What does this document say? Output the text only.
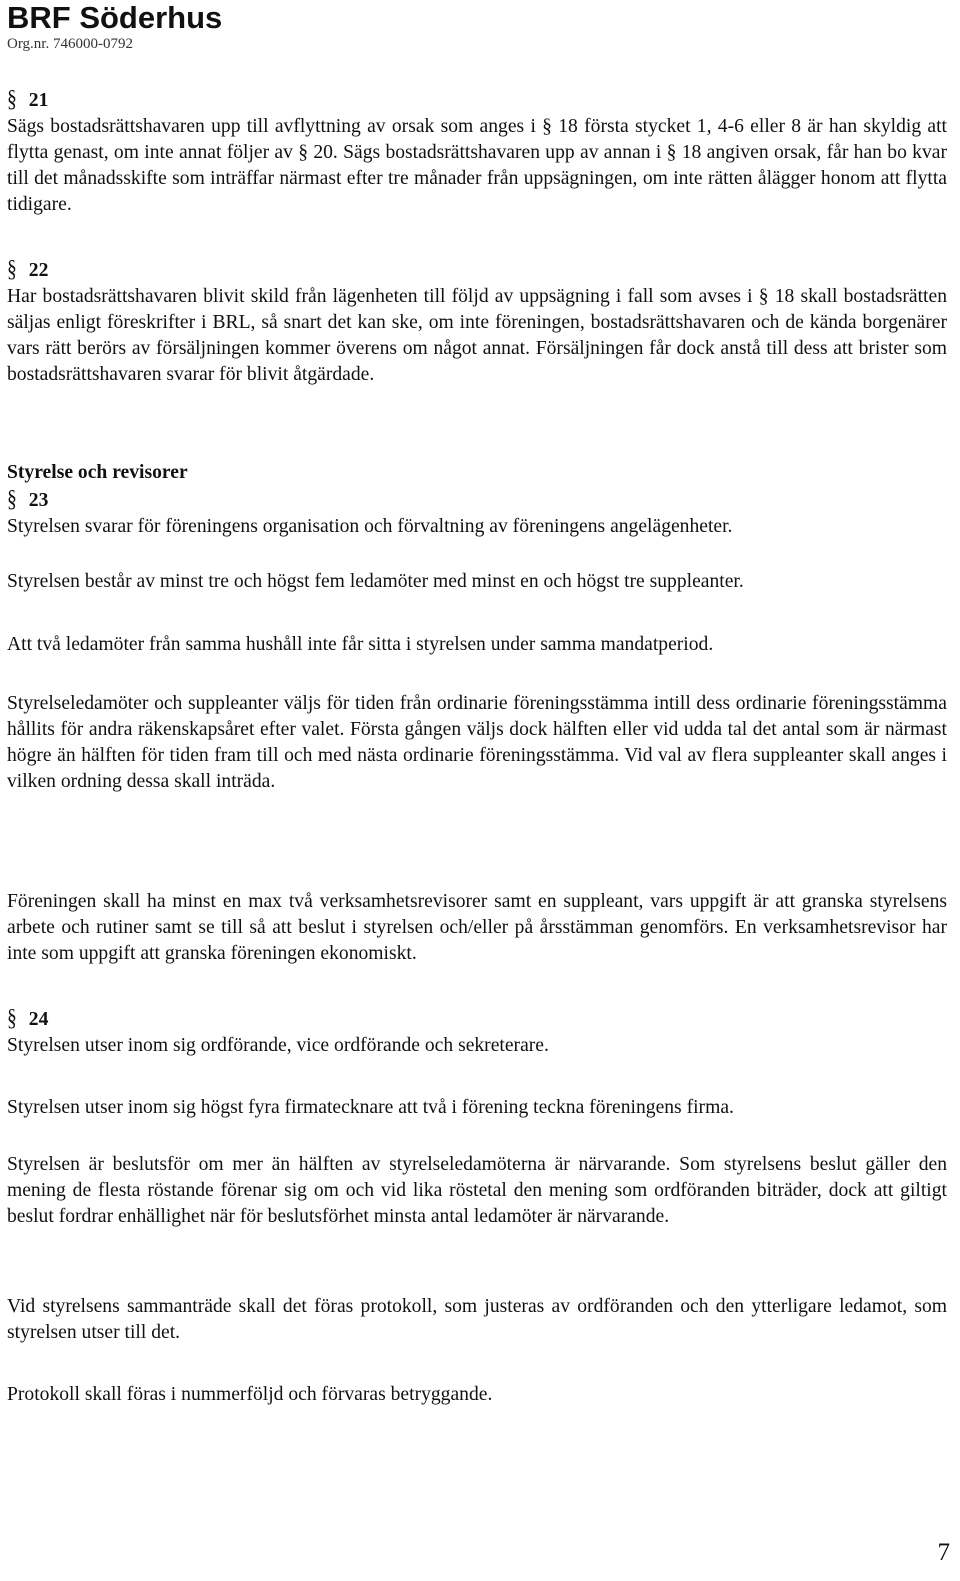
BRF Söderhus
Org.nr. 746000-0792
§ 21

Sägs bostadsrättshavaren upp till avflyttning av orsak som anges i § 18 första stycket 1, 4-6 eller 8 är han skyldig att flytta genast, om inte annat följer av § 20. Sägs bostadsrättshavaren upp av annan i § 18 angiven orsak, får han bo kvar till det månadsskifte som inträffar närmast efter tre månader från uppsägningen, om inte rätten ålägger honom att flytta tidigare.

§ 22

Har bostadsrättshavaren blivit skild från lägenheten till följd av uppsägning i fall som avses i § 18 skall bostadsrätten säljas enligt föreskrifter i BRL, så snart det kan ske, om inte föreningen, bostadsrättshavaren och de kända borgenärer vars rätt berörs av försäljningen kommer överens om något annat. Försäljningen får dock anstå till dess att brister som bostadsrättshavaren svarar för blivit åtgärdade.

Styrelse och revisorer
§ 23

Styrelsen svarar för föreningens organisation och förvaltning av föreningens angelägenheter.

Styrelsen består av minst tre och högst fem ledamöter med minst en och högst tre suppleanter.

Att två ledamöter från samma hushåll inte får sitta i styrelsen under samma mandatperiod.

Styrelseledamöter och suppleanter väljs för tiden från ordinarie föreningsstämma intill dess ordinarie föreningsstämma hållits för andra räkenskapsåret efter valet. Första gången väljs dock hälften eller vid udda tal det antal som är närmast högre än hälften för tiden fram till och med nästa ordinarie föreningsstämma. Vid val av flera suppleanter skall anges i vilken ordning dessa skall inträda.

Föreningen skall ha minst en max två verksamhetsrevisorer samt en suppleant, vars uppgift är att granska styrelsens arbete och rutiner samt se till så att beslut i styrelsen och/eller på årsstämman genomförs. En verksamhetsrevisor har inte som uppgift att granska föreningen ekonomiskt.

§ 24

Styrelsen utser inom sig ordförande, vice ordförande och sekreterare.

Styrelsen utser inom sig högst fyra firmatecknare att två i förening teckna föreningens firma.

Styrelsen är beslutsför om mer än hälften av styrelseledamöterna är närvarande. Som styrelsens beslut gäller den mening de flesta röstande förenar sig om och vid lika röstetal den mening som ordföranden biträder, dock att giltigt beslut fordrar enhällighet när för beslutsförhet minsta antal ledamöter är närvarande.

Vid styrelsens sammanträde skall det föras protokoll, som justeras av ordföranden och den ytterligare ledamot, som styrelsen utser till det.

Protokoll skall föras i nummerföljd och förvaras betryggande.

7
